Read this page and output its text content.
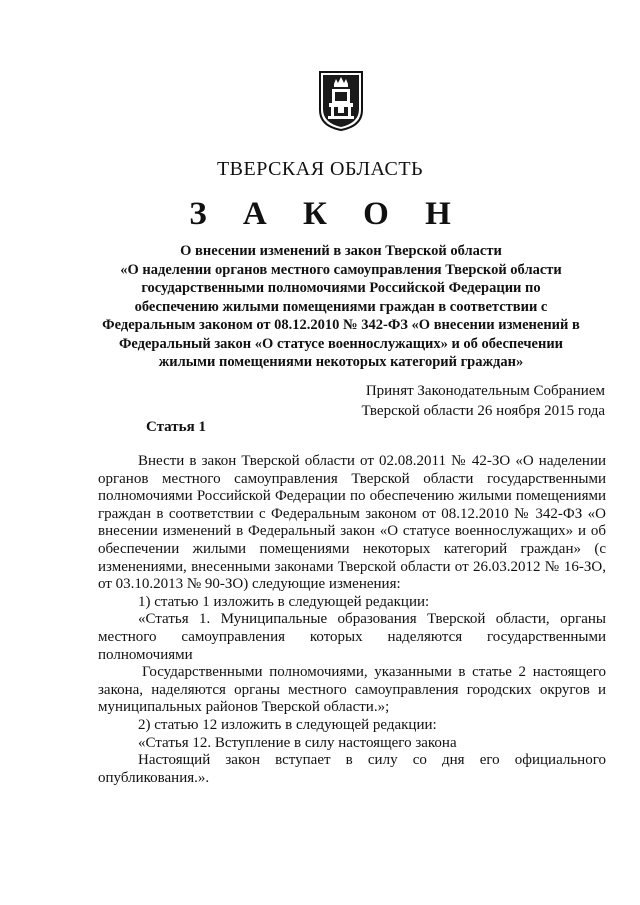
ТВЕРСКАЯ ОБЛАСТЬ
З А К О Н
О внесении изменений в закон Тверской области
«О наделении органов местного самоуправления Тверской области
государственными полномочиями Российской Федерации по
обеспечению жилыми помещениями граждан в соответствии с
Федеральным законом от 08.12.2010 № 342-ФЗ «О внесении изменений в
Федеральный закон «О статусе военнослужащих» и об обеспечении
жилыми помещениями некоторых категорий граждан»
Принят Законодательным Собранием
Тверской области 26 ноября 2015 года
Статья 1

Внести в закон Тверской области от 02.08.2011 № 42-ЗО «О наделении органов местного самоуправления Тверской области государственными полномочиями Российской Федерации по обеспечению жилыми помещениями граждан в соответствии с Федеральным законом от 08.12.2010 № 342-ФЗ «О внесении изменений в Федеральный закон «О статусе военнослужащих» и об обеспечении жилыми помещениями некоторых категорий граждан» (с изменениями, внесенными законами Тверской области от 26.03.2012 № 16-ЗО, от 03.10.2013 № 90-ЗО) следующие изменения:

1) статью 1 изложить в следующей редакции:

«Статья 1. Муниципальные образования Тверской области, органы местного самоуправления которых наделяются государственными полномочиями

Государственными полномочиями, указанными в статье 2 настоящего закона, наделяются органы местного самоуправления городских округов и муниципальных районов Тверской области.»;

2) статью 12 изложить в следующей редакции:

«Статья 12. Вступление в силу настоящего закона

Настоящий закон вступает в силу со дня его официального опубликования.».
